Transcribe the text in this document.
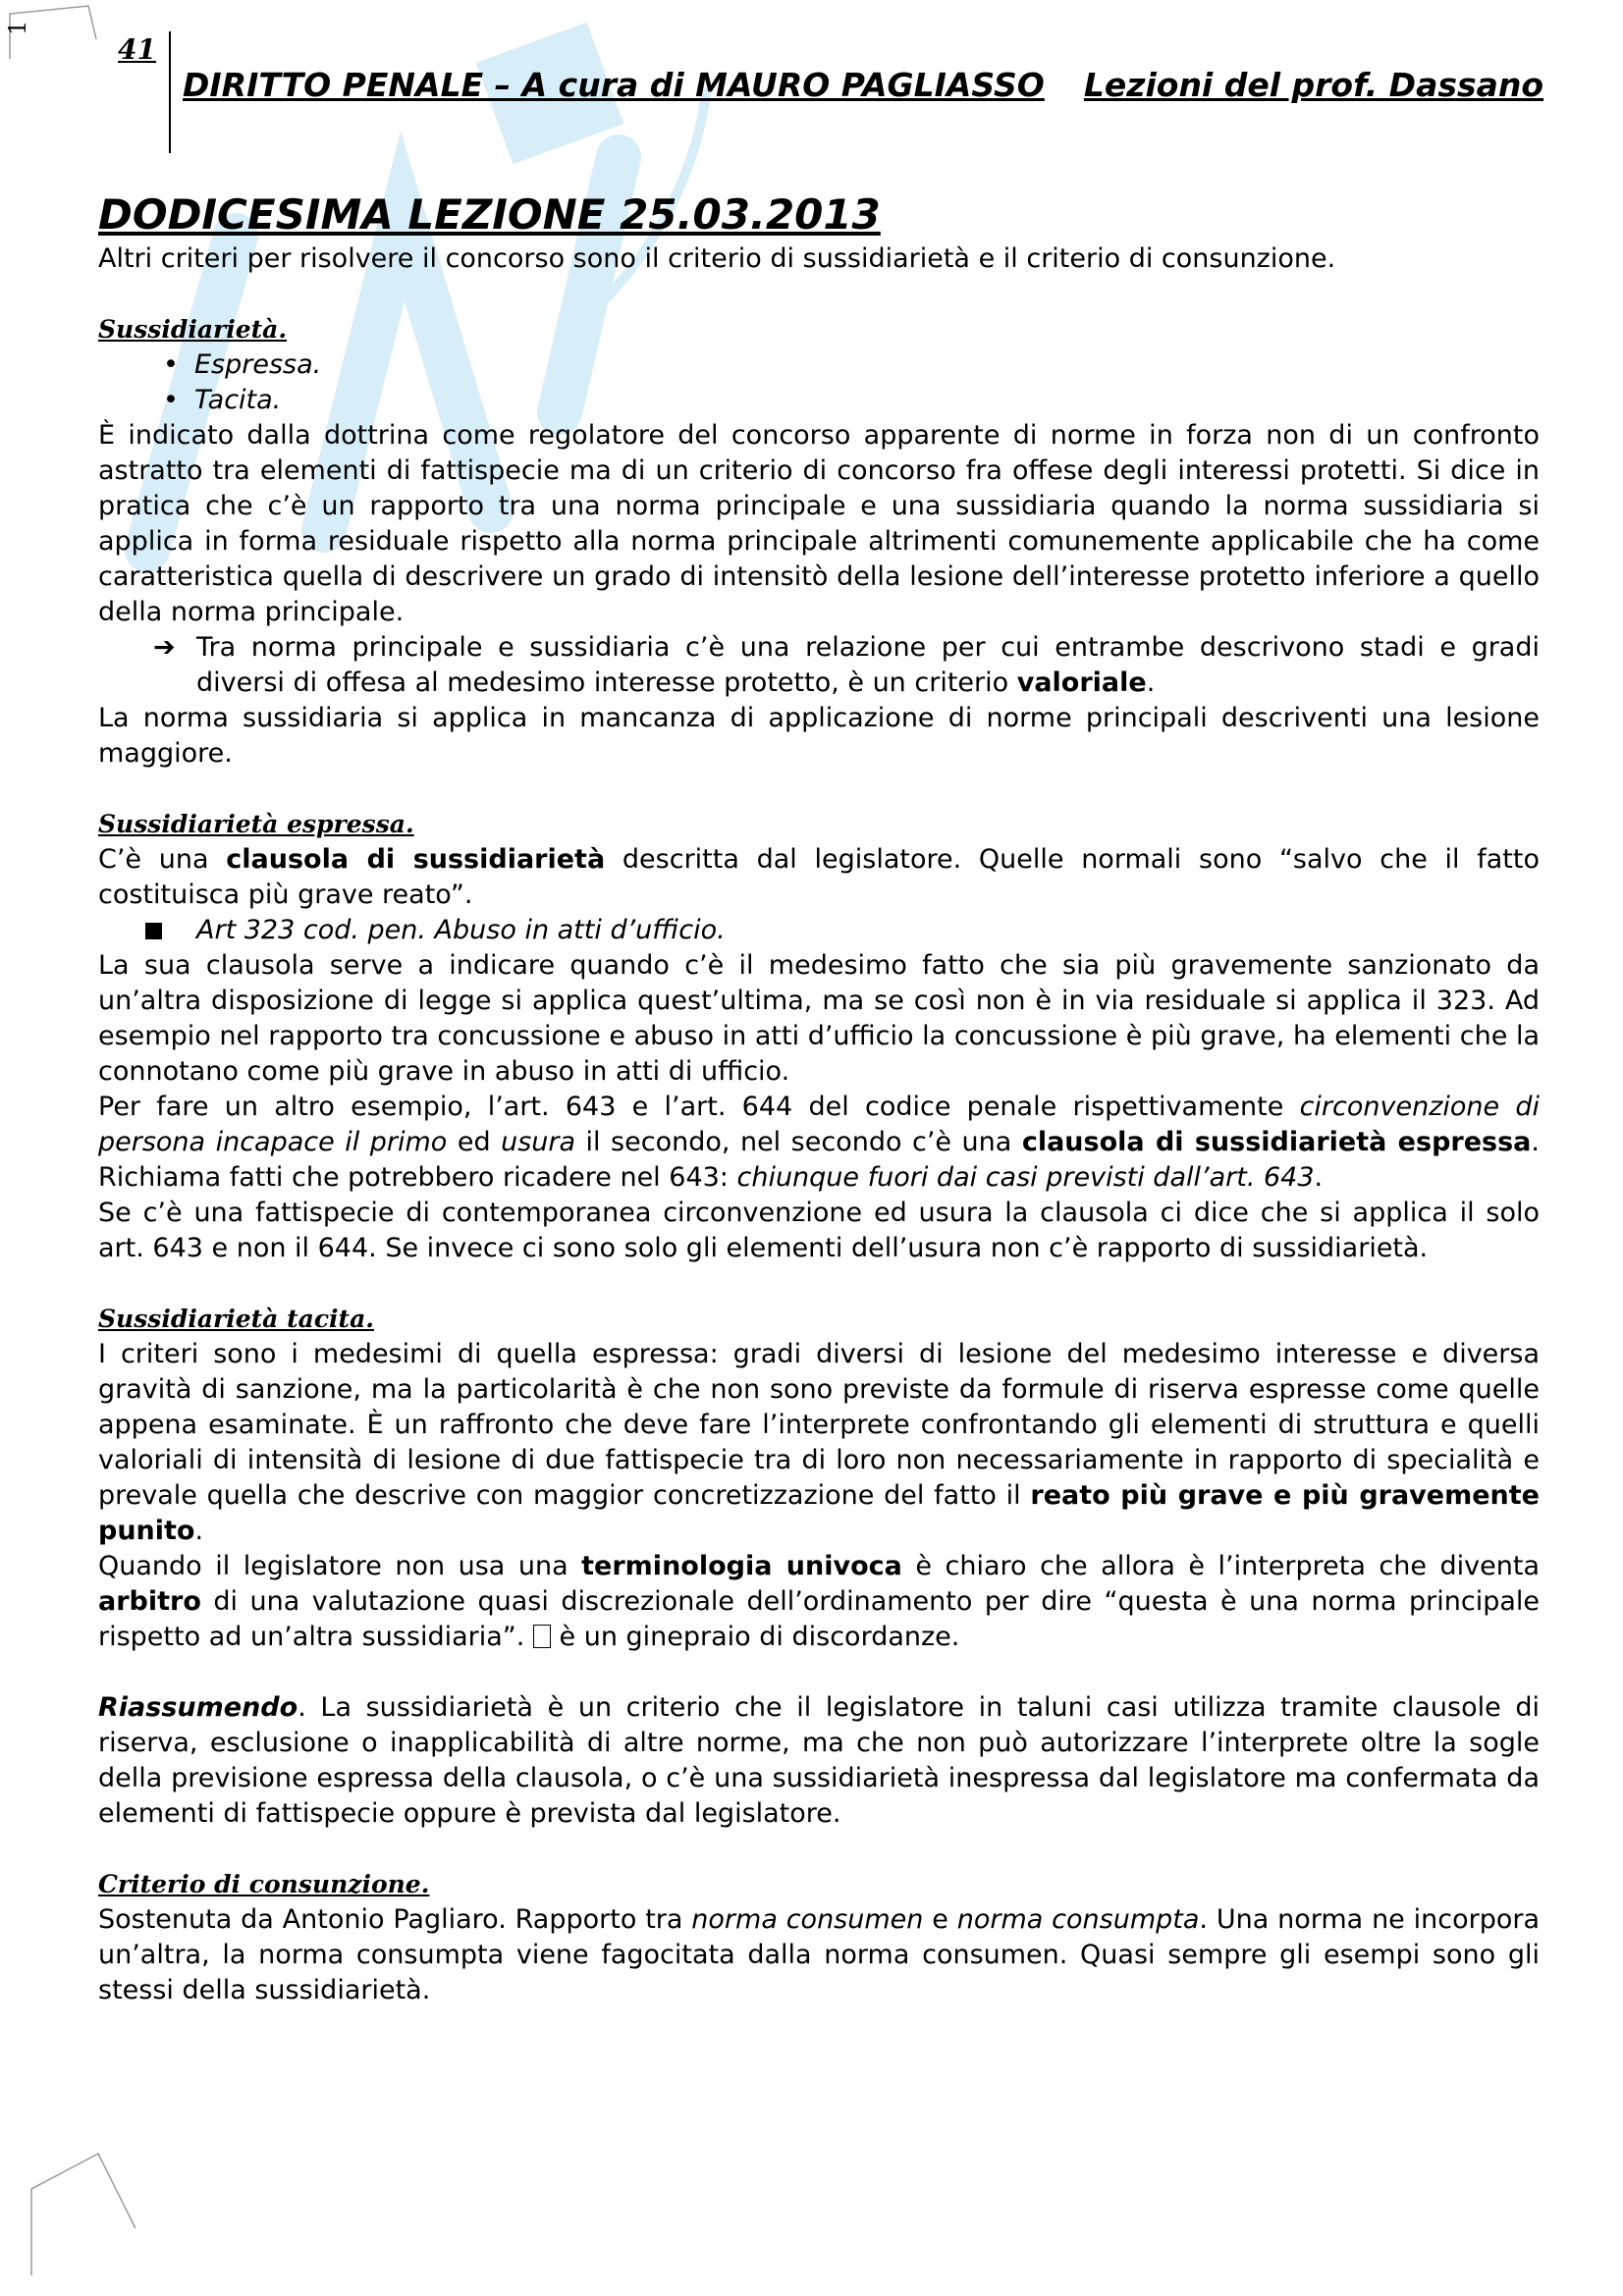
1
41
DIRITTO PENALE – A cura di MAURO PAGLIASSO Lezioni del prof. Dassano
DODICESIMA LEZIONE 25.03.2013

Altri criteri per risolvere il concorso sono il criterio di sussidiarietà e il criterio di consunzione.

Sussidiarietà.
• Espressa.
• Tacita.

È indicato dalla dottrina come regolatore del concorso apparente di norme in forza non di un confronto astratto tra elementi di fattispecie ma di un criterio di concorso fra offese degli interessi protetti. Si dice in pratica che c’è un rapporto tra una norma principale e una sussidiaria quando la norma sussidiaria si applica in forma residuale rispetto alla norma principale altrimenti comunemente applicabile che ha come caratteristica quella di descrivere un grado di intensitò della lesione dell’interesse protetto inferiore a quello della norma principale.

➔ Tra norma principale e sussidiaria c’è una relazione per cui entrambe descrivono stadi e gradi diversi di offesa al medesimo interesse protetto, è un criterio valoriale.

La norma sussidiaria si applica in mancanza di applicazione di norme principali descriventi una lesione maggiore.

Sussidiarietà espressa.

C’è una clausola di sussidiarietà descritta dal legislatore. Quelle normali sono “salvo che il fatto costituisca più grave reato”.

Art 323 cod. pen. Abuso in atti d’ufficio.

La sua clausola serve a indicare quando c’è il medesimo fatto che sia più gravemente sanzionato da un’altra disposizione di legge si applica quest’ultima, ma se così non è in via residuale si applica il 323. Ad esempio nel rapporto tra concussione e abuso in atti d’ufficio la concussione è più grave, ha elementi che la connotano come più grave in abuso in atti di ufficio.

Per fare un altro esempio, l’art. 643 e l’art. 644 del codice penale rispettivamente circonvenzione di persona incapace il primo ed usura il secondo, nel secondo c’è una clausola di sussidiarietà espressa. Richiama fatti che potrebbero ricadere nel 643: chiunque fuori dai casi previsti dall’art. 643.

Se c’è una fattispecie di contemporanea circonvenzione ed usura la clausola ci dice che si applica il solo art. 643 e non il 644. Se invece ci sono solo gli elementi dell’usura non c’è rapporto di sussidiarietà.

Sussidiarietà tacita.

I criteri sono i medesimi di quella espressa: gradi diversi di lesione del medesimo interesse e diversa gravità di sanzione, ma la particolarità è che non sono previste da formule di riserva espresse come quelle appena esaminate. È un raffronto che deve fare l’interprete confrontando gli elementi di struttura e quelli valoriali di intensità di lesione di due fattispecie tra di loro non necessariamente in rapporto di specialità e prevale quella che descrive con maggior concretizzazione del fatto il reato più grave e più gravemente punito.

Quando il legislatore non usa una terminologia univoca è chiaro che allora è l’interpreta che diventa arbitro di una valutazione quasi discrezionale dell’ordinamento per dire “questa è una norma principale rispetto ad un’altra sussidiaria”.  è un ginepraio di discordanze.

Riassumendo. La sussidiarietà è un criterio che il legislatore in taluni casi utilizza tramite clausole di riserva, esclusione o inapplicabilità di altre norme, ma che non può autorizzare l’interprete oltre la sogle della previsione espressa della clausola, o c’è una sussidiarietà inespressa dal legislatore ma confermata da elementi di fattispecie oppure è prevista dal legislatore.

Criterio di consunzione.

Sostenuta da Antonio Pagliaro. Rapporto tra norma consumen e norma consumpta. Una norma ne incorpora un’altra, la norma consumpta viene fagocitata dalla norma consumen. Quasi sempre gli esempi sono gli stessi della sussidiarietà.
